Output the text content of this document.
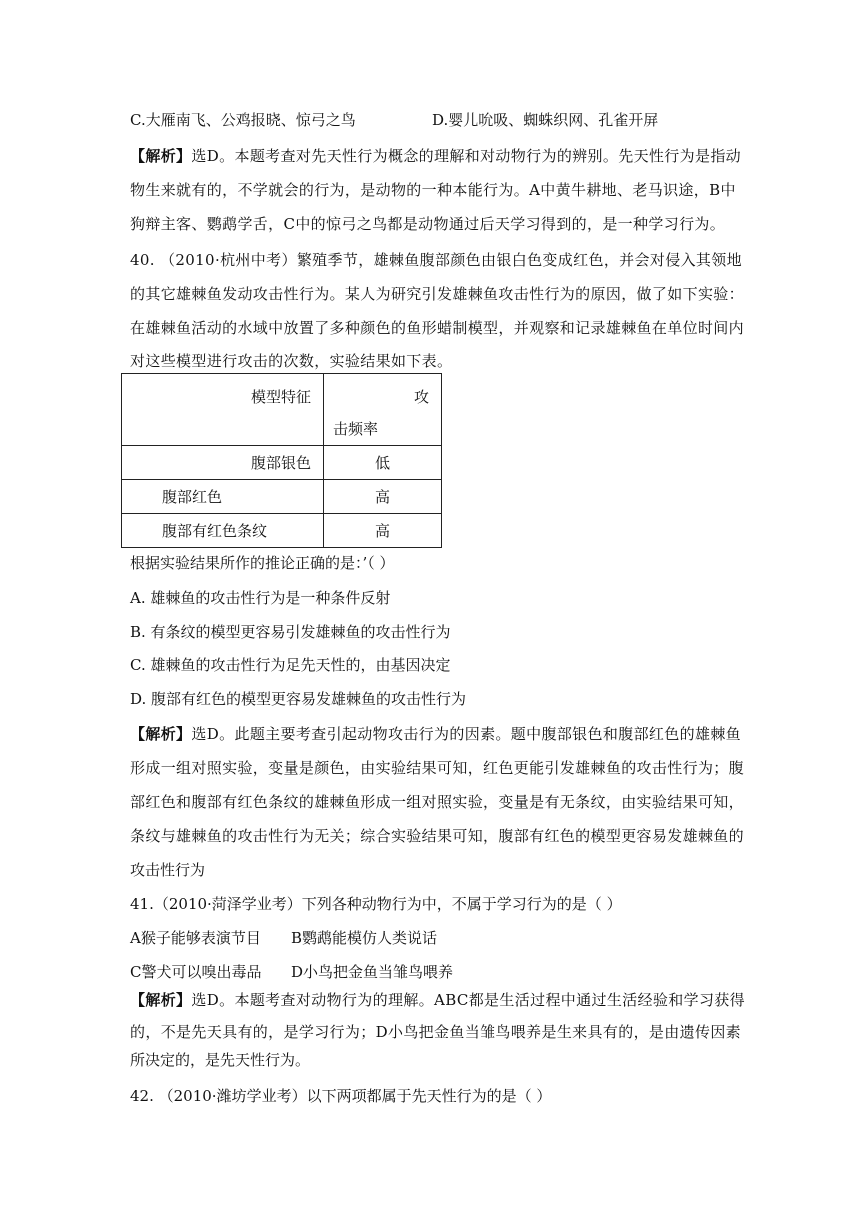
C.大雁南飞、公鸡报晓、惊弓之鸟	D.婴儿吮吸、蜘蛛织网、孔雀开屏
【解析】选D。本题考查对先天性行为概念的理解和对动物行为的辨别。先天性行为是指动
物生来就有的，不学就会的行为，是动物的一种本能行为。A中黄牛耕地、老马识途，B中
狗辩主客、鹦鹉学舌，C中的惊弓之鸟都是动物通过后天学习得到的，是一种学习行为。
40. （2010·杭州中考）繁殖季节，雄棘鱼腹部颜色由银白色变成红色，并会对侵入其领地
的其它雄棘鱼发动攻击性行为。某人为研究引发雄棘鱼攻击性行为的原因，做了如下实验：
在雄棘鱼活动的水域中放置了多种颜色的鱼形蜡制模型，并观察和记录雄棘鱼在单位时间内
对这些模型进行攻击的次数，实验结果如下表。
模型特征	攻
击频率

腹部银色	低
腹部红色	高
腹部有红色条纹	高
根据实验结果所作的推论正确的是：’（ ）
A. 雄棘鱼的攻击性行为是一种条件反射
B. 有条纹的模型更容易引发雄棘鱼的攻击性行为
C. 雄棘鱼的攻击性行为足先天性的，由基因决定
D. 腹部有红色的模型更容易发雄棘鱼的攻击性行为
【解析】选D。此题主要考查引起动物攻击行为的因素。题中腹部银色和腹部红色的雄棘鱼
形成一组对照实验，变量是颜色，由实验结果可知，红色更能引发雄棘鱼的攻击性行为；腹
部红色和腹部有红色条纹的雄棘鱼形成一组对照实验，变量是有无条纹，由实验结果可知，
条纹与雄棘鱼的攻击性行为无关；综合实验结果可知，腹部有红色的模型更容易发雄棘鱼的
攻击性行为
41.（2010·菏泽学业考）下列各种动物行为中，不属于学习行为的是（ ）
A猴子能够表演节目 B鹦鹉能模仿人类说话
C警犬可以嗅出毒品 D小鸟把金鱼当雏鸟喂养
【解析】选D。本题考查对动物行为的理解。ABC都是生活过程中通过生活经验和学习获得
的，不是先天具有的，是学习行为；D小鸟把金鱼当雏鸟喂养是生来具有的，是由遗传因素
所决定的，是先天性行为。
42. （2010·潍坊学业考）以下两项都属于先天性行为的是（ ）
